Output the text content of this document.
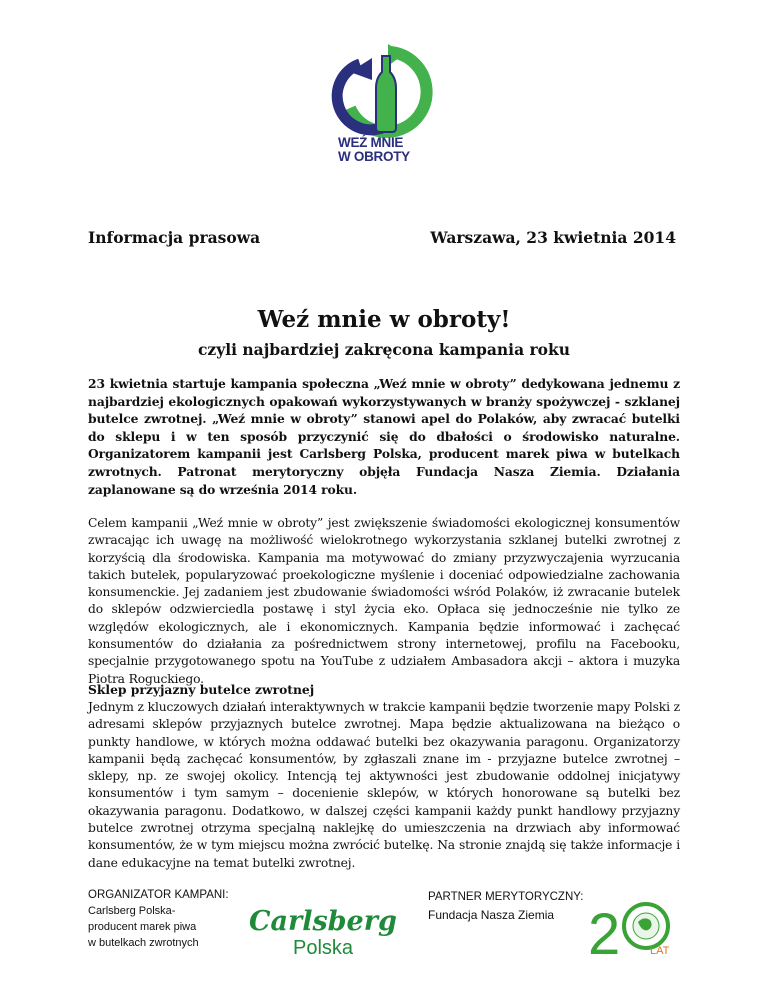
WEŹ MNIE
W OBROTY
Informacja prasowa	Warszawa, 23 kwietnia 2014
Weź mnie w obroty!
czyli najbardziej zakręcona kampania roku
23 kwietnia startuje kampania społeczna „Weź mnie w obroty” dedykowana jednemu z najbardziej ekologicznych opakowań wykorzystywanych w branży spożywczej - szklanej butelce zwrotnej. „Weź mnie w obroty” stanowi apel do Polaków, aby zwracać butelki do sklepu i w ten sposób przyczynić się do dbałości o środowisko naturalne. Organizatorem kampanii jest Carlsberg Polska, producent marek piwa w butelkach zwrotnych. Patronat merytoryczny objęła Fundacja Nasza Ziemia. Działania zaplanowane są do września 2014 roku.
Celem kampanii „Weź mnie w obroty” jest zwiększenie świadomości ekologicznej konsumentów zwracając ich uwagę na możliwość wielokrotnego wykorzystania szklanej butelki zwrotnej z korzyścią dla środowiska. Kampania ma motywować do zmiany przyzwyczajenia wyrzucania takich butelek, popularyzować proekologiczne myślenie i doceniać odpowiedzialne zachowania konsumenckie. Jej zadaniem jest zbudowanie świadomości wśród Polaków, iż zwracanie butelek do sklepów odzwierciedla postawę i styl życia eko. Opłaca się jednocześnie nie tylko ze względów ekologicznych, ale i ekonomicznych. Kampania będzie informować i zachęcać konsumentów do działania za pośrednictwem strony internetowej, profilu na Facebooku, specjalnie przygotowanego spotu na YouTube z udziałem Ambasadora akcji – aktora i muzyka Piotra Roguckiego.
Sklep przyjazny butelce zwrotnej
Jednym z kluczowych działań interaktywnych w trakcie kampanii będzie tworzenie mapy Polski z adresami sklepów przyjaznych butelce zwrotnej. Mapa będzie aktualizowana na bieżąco o punkty handlowe, w których można oddawać butelki bez okazywania paragonu. Organizatorzy kampanii będą zachęcać konsumentów, by zgłaszali znane im - przyjazne butelce zwrotnej – sklepy, np. ze swojej okolicy. Intencją tej aktywności jest zbudowanie oddolnej inicjatywy konsumentów i tym samym – docenienie sklepów, w których honorowane są butelki bez okazywania paragonu. Dodatkowo, w dalszej części kampanii każdy punkt handlowy przyjazny butelce zwrotnej otrzyma specjalną naklejkę do umieszczenia na drzwiach aby informować konsumentów, że w tym miejscu można zwrócić butelkę. Na stronie znajdą się także informacje i dane edukacyjne na temat butelki zwrotnej.
ORGANIZATOR KAMPANI:
Carlsberg Polska-
producent marek piwa
w butelkach zwrotnych
Carlsberg
Polska
PARTNER MERYTORYCZNY:
Fundacja Nasza Ziemia 2	LAT
